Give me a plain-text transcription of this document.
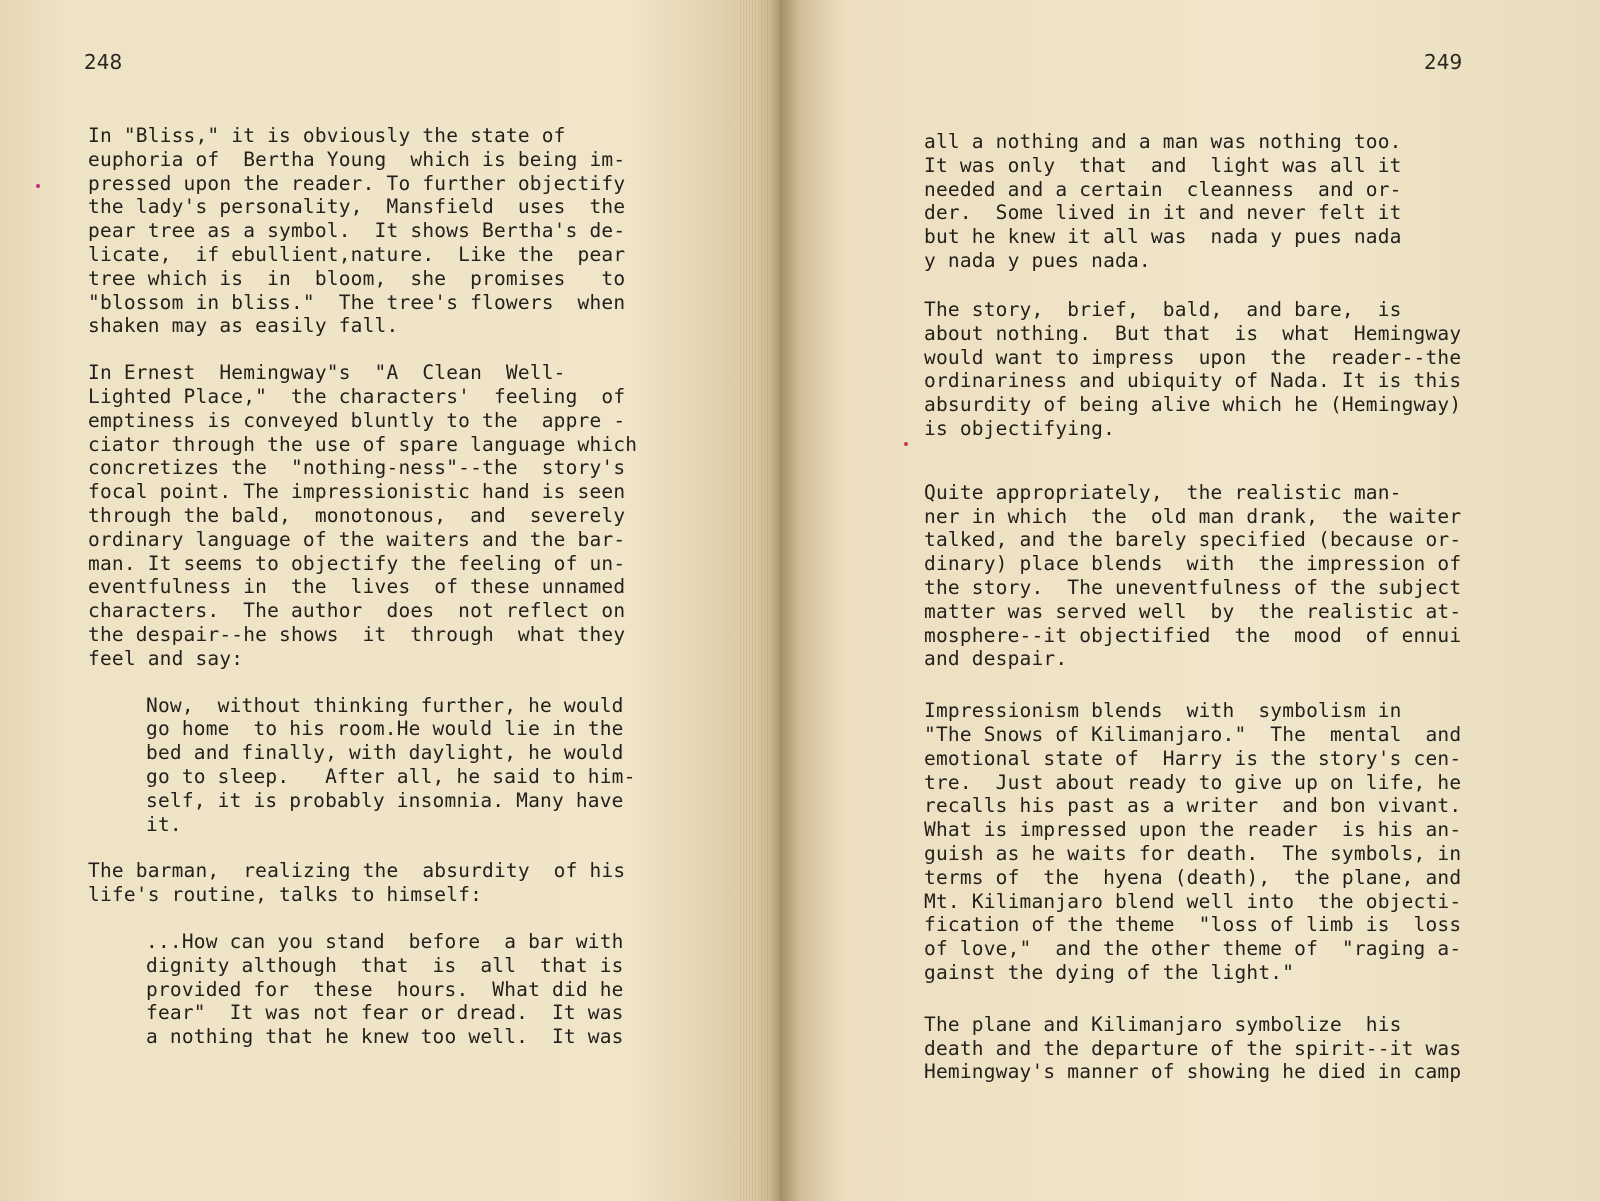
248

In "Bliss," it is obviously the state of
euphoria of  Bertha Young  which is being im-
pressed upon the reader. To further objectify
the lady's personality,  Mansfield  uses  the
pear tree as a symbol.  It shows Bertha's de-
licate,  if ebullient,nature.  Like the  pear
tree which is  in  bloom,  she  promises   to
"blossom in bliss."  The tree's flowers  when
shaken may as easily fall.

In Ernest  Hemingway"s  "A  Clean  Well-
Lighted Place,"  the characters'  feeling  of
emptiness is conveyed bluntly to the  appre -
ciator through the use of spare language which
concretizes the  "nothing-ness"--the  story's
focal point. The impressionistic hand is seen
through the bald,  monotonous,  and  severely
ordinary language of the waiters and the bar-
man. It seems to objectify the feeling of un-
eventfulness in  the  lives  of these unnamed
characters.  The author  does  not reflect on
the despair--he shows  it  through  what they
feel and say:

Now,  without thinking further, he would
go home  to his room.He would lie in the
bed and finally, with daylight, he would
go to sleep.   After all, he said to him-
self, it is probably insomnia. Many have
it.

The barman,  realizing the  absurdity  of his
life's routine, talks to himself:

...How can you stand  before  a bar with
dignity although  that  is  all  that is
provided for  these  hours.  What did he
fear"  It was not fear or dread.  It was
a nothing that he knew too well.  It was

249

all a nothing and a man was nothing too.
It was only  that  and  light was all it
needed and a certain  cleanness  and or-
der.  Some lived in it and never felt it
but he knew it all was  nada y pues nada
y nada y pues nada.

The story,  brief,  bald,  and bare,  is
about nothing.  But that  is  what  Hemingway
would want to impress  upon  the  reader--the
ordinariness and ubiquity of Nada. It is this
absurdity of being alive which he (Hemingway)
is objectifying.

Quite appropriately,  the realistic man-
ner in which  the  old man drank,  the waiter
talked, and the barely specified (because or-
dinary) place blends  with  the impression of
the story.  The uneventfulness of the subject
matter was served well  by  the realistic at-
mosphere--it objectified  the  mood  of ennui
and despair.

Impressionism blends  with  symbolism in
"The Snows of Kilimanjaro."  The  mental  and
emotional state of  Harry is the story's cen-
tre.  Just about ready to give up on life, he
recalls his past as a writer  and bon vivant.
What is impressed upon the reader  is his an-
guish as he waits for death.  The symbols, in
terms of  the  hyena (death),  the plane, and
Mt. Kilimanjaro blend well into  the objecti-
fication of the theme  "loss of limb is  loss
of love,"  and the other theme of  "raging a-
gainst the dying of the light."

The plane and Kilimanjaro symbolize  his
death and the departure of the spirit--it was
Hemingway's manner of showing he died in camp
